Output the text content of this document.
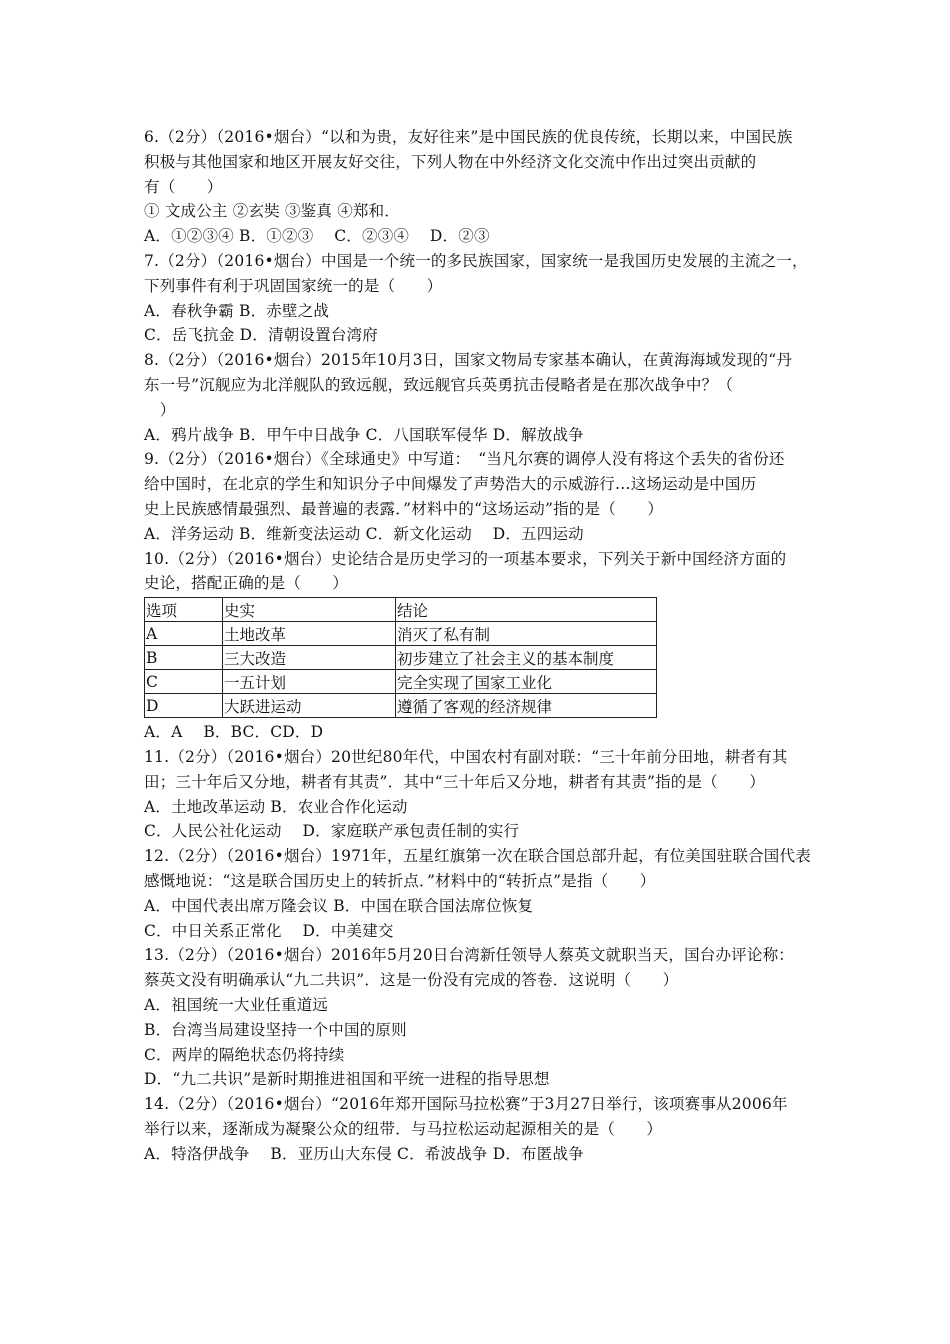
6.（2分）（2016•烟台）“以和为贵，友好往来”是中国民族的优良传统，长期以来，中国民族
积极与其他国家和地区开展友好交往，下列人物在中外经济文化交流中作出过突出贡献的
有（　　）
① 文成公主 ②玄奘 ③鉴真 ④郑和．
A．①②③④ B．①②③　 C．②③④　 D．②③
7.（2分）（2016•烟台）中国是一个统一的多民族国家，国家统一是我国历史发展的主流之一，
下列事件有利于巩固国家统一的是（　　）
A．春秋争霸 B．赤壁之战
C．岳飞抗金 D．清朝设置台湾府
8.（2分）（2016•烟台）2015年10月3日，国家文物局专家基本确认，在黄海海域发现的“丹
东一号”沉舰应为北洋舰队的致远舰，致远舰官兵英勇抗击侵略者是在那次战争中？（
　）
A．鸦片战争 B．甲午中日战争 C．八国联军侵华 D．解放战争
9.（2分）（2016•烟台）《全球通史》中写道：　“当凡尔赛的调停人没有将这个丢失的省份还
给中国时，在北京的学生和知识分子中间爆发了声势浩大的示威游行…这场运动是中国历
史上民族感情最强烈、最普遍的表露．”材料中的“这场运动”指的是（　　）
A．洋务运动 B．维新变法运动 C．新文化运动　 D．五四运动
10.（2分）（2016•烟台）史论结合是历史学习的一项基本要求，下列关于新中国经济方面的
史论，搭配正确的是（　　）
选项	史实	结论
A	土地改革	消灭了私有制
B	三大改造	初步建立了社会主义的基本制度
C	一五计划	完全实现了国家工业化
D	大跃进运动	遵循了客观的经济规律
A．A　 B．BC．CD．D
11.（2分）（2016•烟台）20世纪80年代，中国农村有副对联：“三十年前分田地，耕者有其
田；三十年后又分地，耕者有其责”．其中“三十年后又分地，耕者有其责”指的是（　　）
A．土地改革运动 B．农业合作化运动
C．人民公社化运动　 D．家庭联产承包责任制的实行
12.（2分）（2016•烟台）1971年，五星红旗第一次在联合国总部升起，有位美国驻联合国代表
感慨地说：“这是联合国历史上的转折点．”材料中的“转折点”是指（　　）
A．中国代表出席万隆会议 B．中国在联合国法席位恢复
C．中日关系正常化　 D．中美建交
13.（2分）（2016•烟台）2016年5月20日台湾新任领导人蔡英文就职当天，国台办评论称：
蔡英文没有明确承认“九二共识”．这是一份没有完成的答卷．这说明（　　）
A．祖国统一大业任重道远
B．台湾当局建设坚持一个中国的原则
C．两岸的隔绝状态仍将持续
D．“九二共识”是新时期推进祖国和平统一进程的指导思想
14.（2分）（2016•烟台）“2016年郑开国际马拉松赛”于3月27日举行，该项赛事从2006年
举行以来，逐渐成为凝聚公众的纽带．与马拉松运动起源相关的是（　　）
A．特洛伊战争　 B．亚历山大东侵 C．希波战争 D．布匿战争
